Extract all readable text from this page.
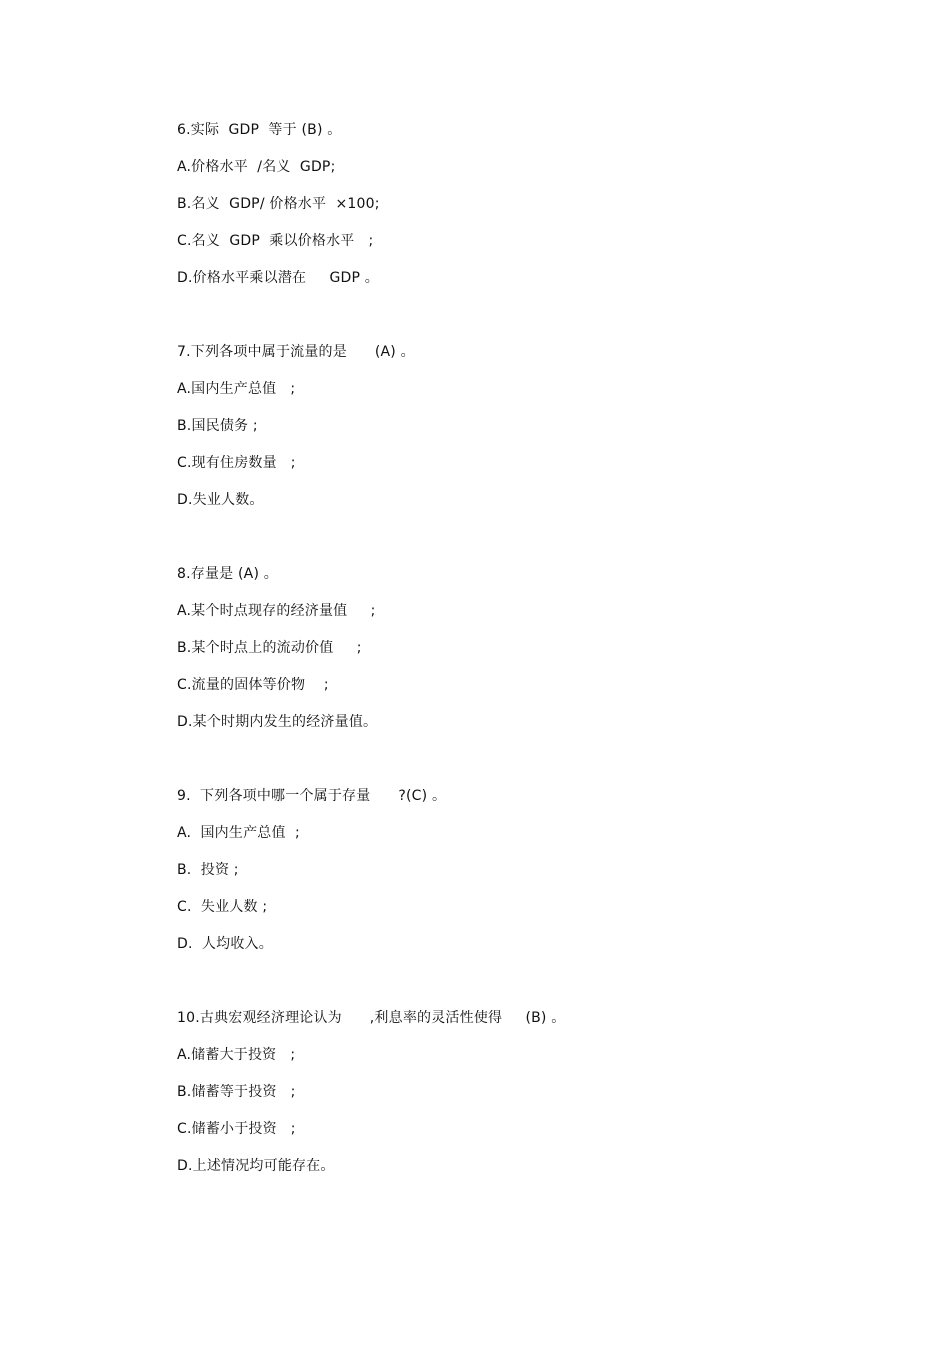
6.实际  GDP  等于 (B) 。
A.价格水平  /名义  GDP;
B.名义  GDP/ 价格水平  ×100;
C.名义  GDP  乘以价格水平   ;
D.价格水平乘以潜在     GDP 。
7.下列各项中属于流量的是      (A) 。
A.国内生产总值   ;
B.国民债务 ;
C.现有住房数量   ;
D.失业人数。
8.存量是 (A) 。
A.某个时点现存的经济量值     ;
B.某个时点上的流动价值     ;
C.流量的固体等价物    ;
D.某个时期内发生的经济量值。
9.  下列各项中哪一个属于存量      ?(C) 。
A.  国内生产总值  ;
B.  投资 ;
C.  失业人数 ;
D.  人均收入。
10.古典宏观经济理论认为      ,利息率的灵活性使得     (B) 。
A.储蓄大于投资   ;
B.储蓄等于投资   ;
C.储蓄小于投资   ;
D.上述情况均可能存在。
